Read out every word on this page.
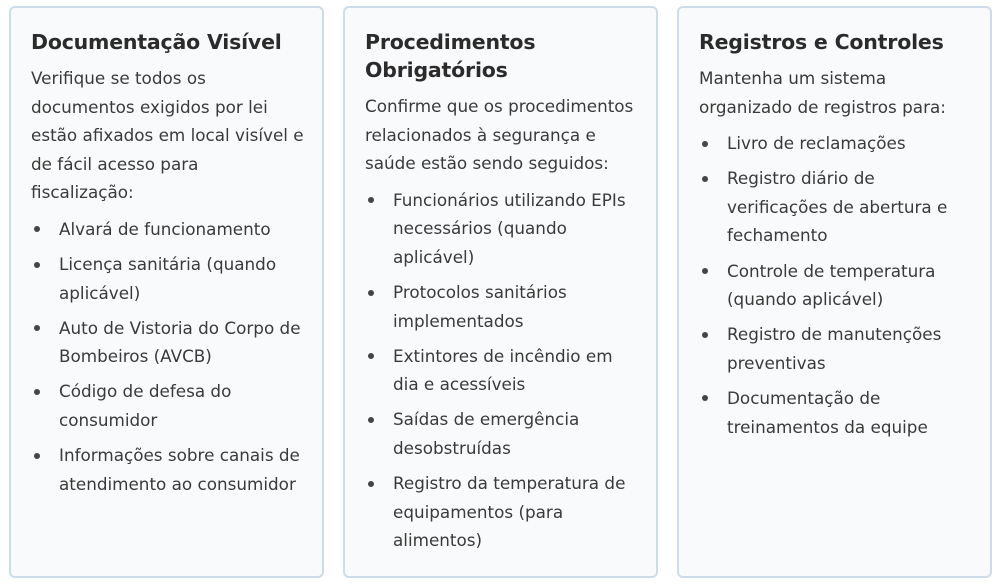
Documentação Visível

Verifique se todos os documentos exigidos por lei estão afixados em local visível e de fácil acesso para fiscalização:

Alvará de funcionamento
Licença sanitária (quando aplicável)
Auto de Vistoria do Corpo de Bombeiros (AVCB)
Código de defesa do consumidor
Informações sobre canais de atendimento ao consumidor
Procedimentos Obrigatórios

Confirme que os procedimentos relacionados à segurança e saúde estão sendo seguidos:

Funcionários utilizando EPIs necessários (quando aplicável)
Protocolos sanitários implementados
Extintores de incêndio em dia e acessíveis
Saídas de emergência desobstruídas
Registro da temperatura de equipamentos (para alimentos)
Registros e Controles

Mantenha um sistema organizado de registros para:

Livro de reclamações
Registro diário de verificações de abertura e fechamento
Controle de temperatura (quando aplicável)
Registro de manutenções preventivas
Documentação de treinamentos da equipe
